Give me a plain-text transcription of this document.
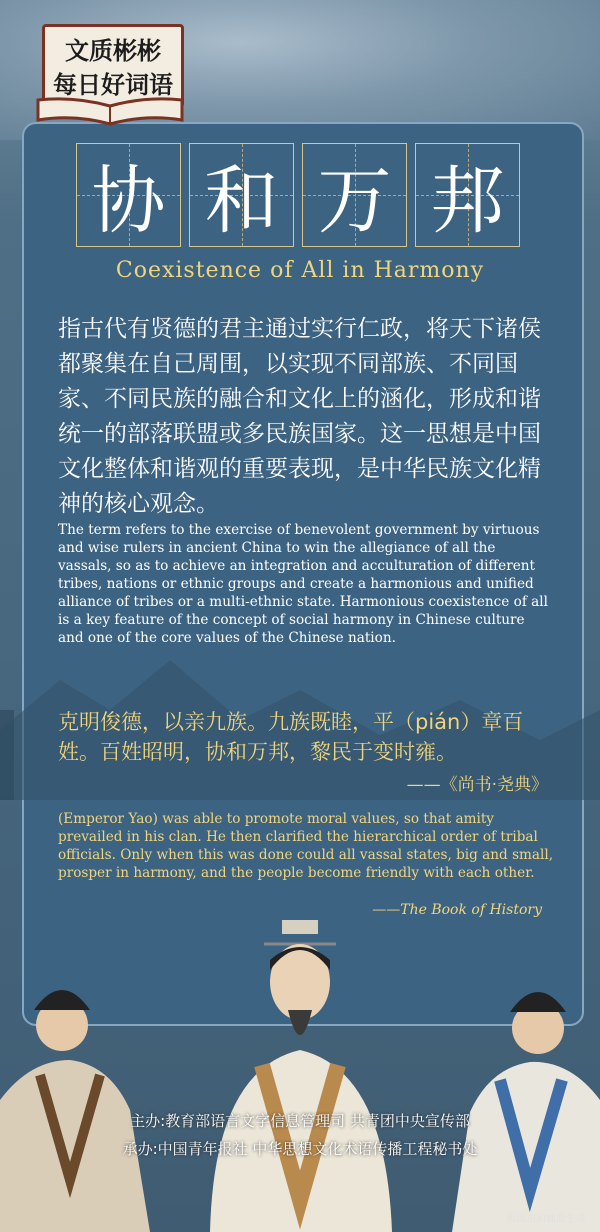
文质彬彬
每日好词语
协 和 万 邦
Coexistence of All in Harmony
指古代有贤德的君主通过实行仁政，将天下诸侯都聚集在自己周围，以实现不同部族、不同国家、不同民族的融合和文化上的涵化，形成和谐统一的部落联盟或多民族国家。这一思想是中国文化整体和谐观的重要表现，是中华民族文化精神的核心观念。
The term refers to the exercise of benevolent government by virtuous and wise rulers in ancient China to win the allegiance of all the vassals, so as to achieve an integration and acculturation of different tribes, nations or ethnic groups and create a harmonious and unified alliance of tribes or a multi-ethnic state. Harmonious coexistence of all is a key feature of the concept of social harmony in Chinese culture and one of the core values of the Chinese nation.
克明俊德，以亲九族。九族既睦，平（pián）章百姓。百姓昭明，协和万邦，黎民于变时雍。
——《尚书·尧典》
(Emperor Yao) was able to promote moral values, so that amity prevailed in his clan. He then clarified the hierarchical order of tribal officials. Only when this was done could all vassal states, big and small, prosper in harmony, and the people become friendly with each other.
——The Book of History
主办:教育部语言文字信息管理司 共青团中央宣传部
承办:中国青年报社 中华思想文化术语传播工程秘书处
画面由AI辅助生成
